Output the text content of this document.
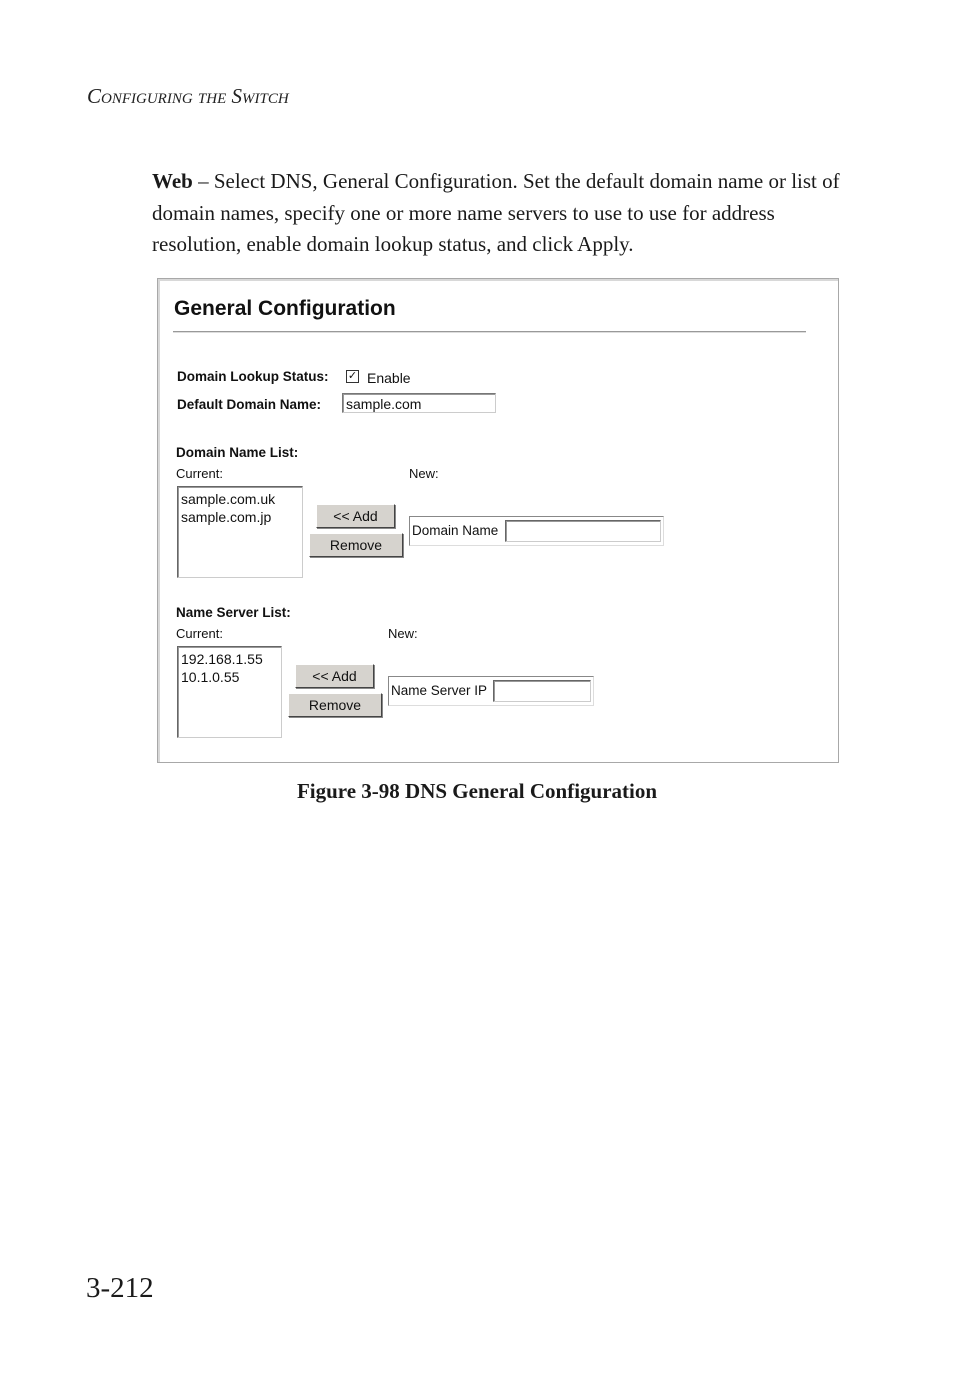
Configuring the Switch
Web – Select DNS, General Configuration. Set the default domain name or list of domain names, specify one or more name servers to use to use for address resolution, enable domain lookup status, and click Apply.
General Configuration
Domain Lookup Status: ✓ Enable
Default Domain Name: sample.com
Domain Name List:
Current:	New:
sample.com.uk
sample.com.jp	<< Add
Remove
Domain Name
Name Server List:
Current:	New:
192.168.1.55
10.1.0.55	<< Add
Remove
Name Server IP
Figure 3-98 DNS General Configuration
3-212
